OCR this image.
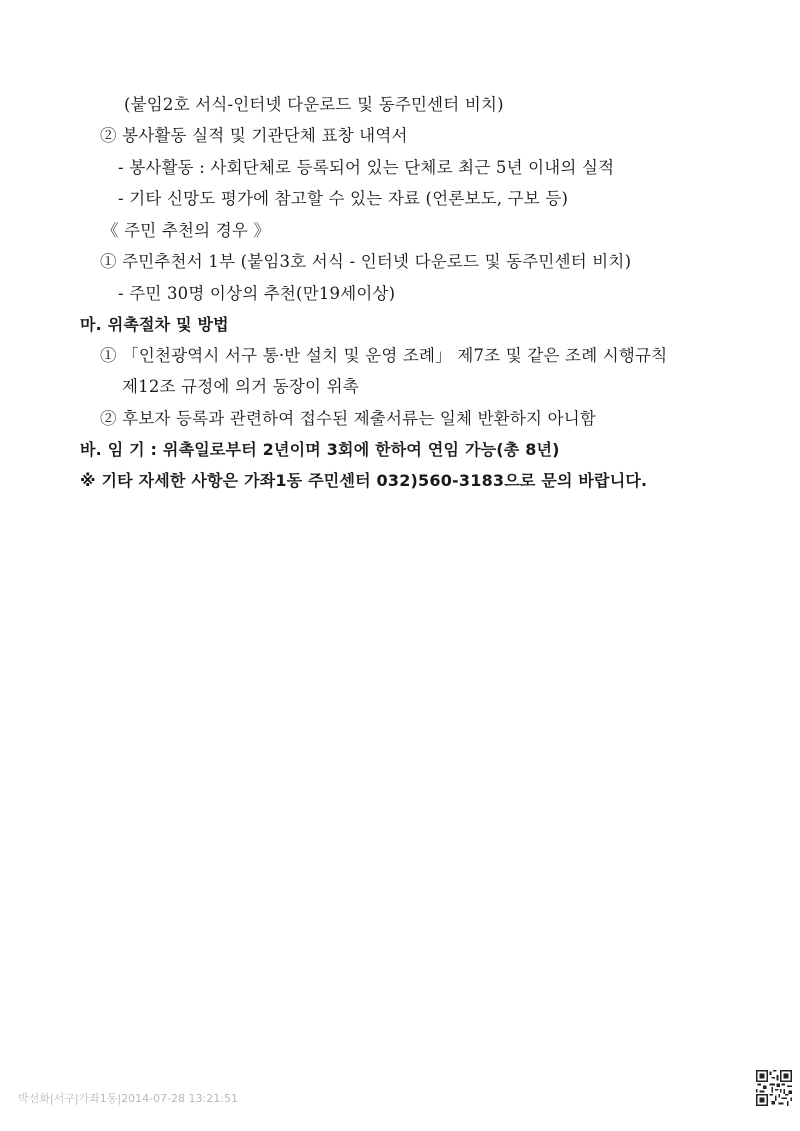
(붙임2호 서식-인터넷 다운로드 및 동주민센터 비치)
② 봉사활동 실적 및 기관단체 표창 내역서
- 봉사활동 : 사회단체로 등록되어 있는 단체로 최근 5년 이내의 실적
- 기타 신망도 평가에 참고할 수 있는 자료 (언론보도, 구보 등)
《 주민 추천의 경우 》
① 주민추천서 1부 (붙임3호 서식 - 인터넷 다운로드 및 동주민센터 비치)
- 주민 30명 이상의 추천(만19세이상)
마. 위촉절차 및 방법
① 「인천광역시 서구 통·반 설치 및 운영 조례」 제7조 및 같은 조례 시행규칙
제12조 규정에 의거 동장이 위촉
② 후보자 등록과 관련하여 접수된 제출서류는 일체 반환하지 아니함
바. 임 기 : 위촉일로부터 2년이며 3회에 한하여 연임 가능(총 8년)
※ 기타 자세한 사항은 가좌1동 주민센터 032)560-3183으로 문의 바랍니다.
박선화|서구|가좌1동|2014-07-28 13:21:51
